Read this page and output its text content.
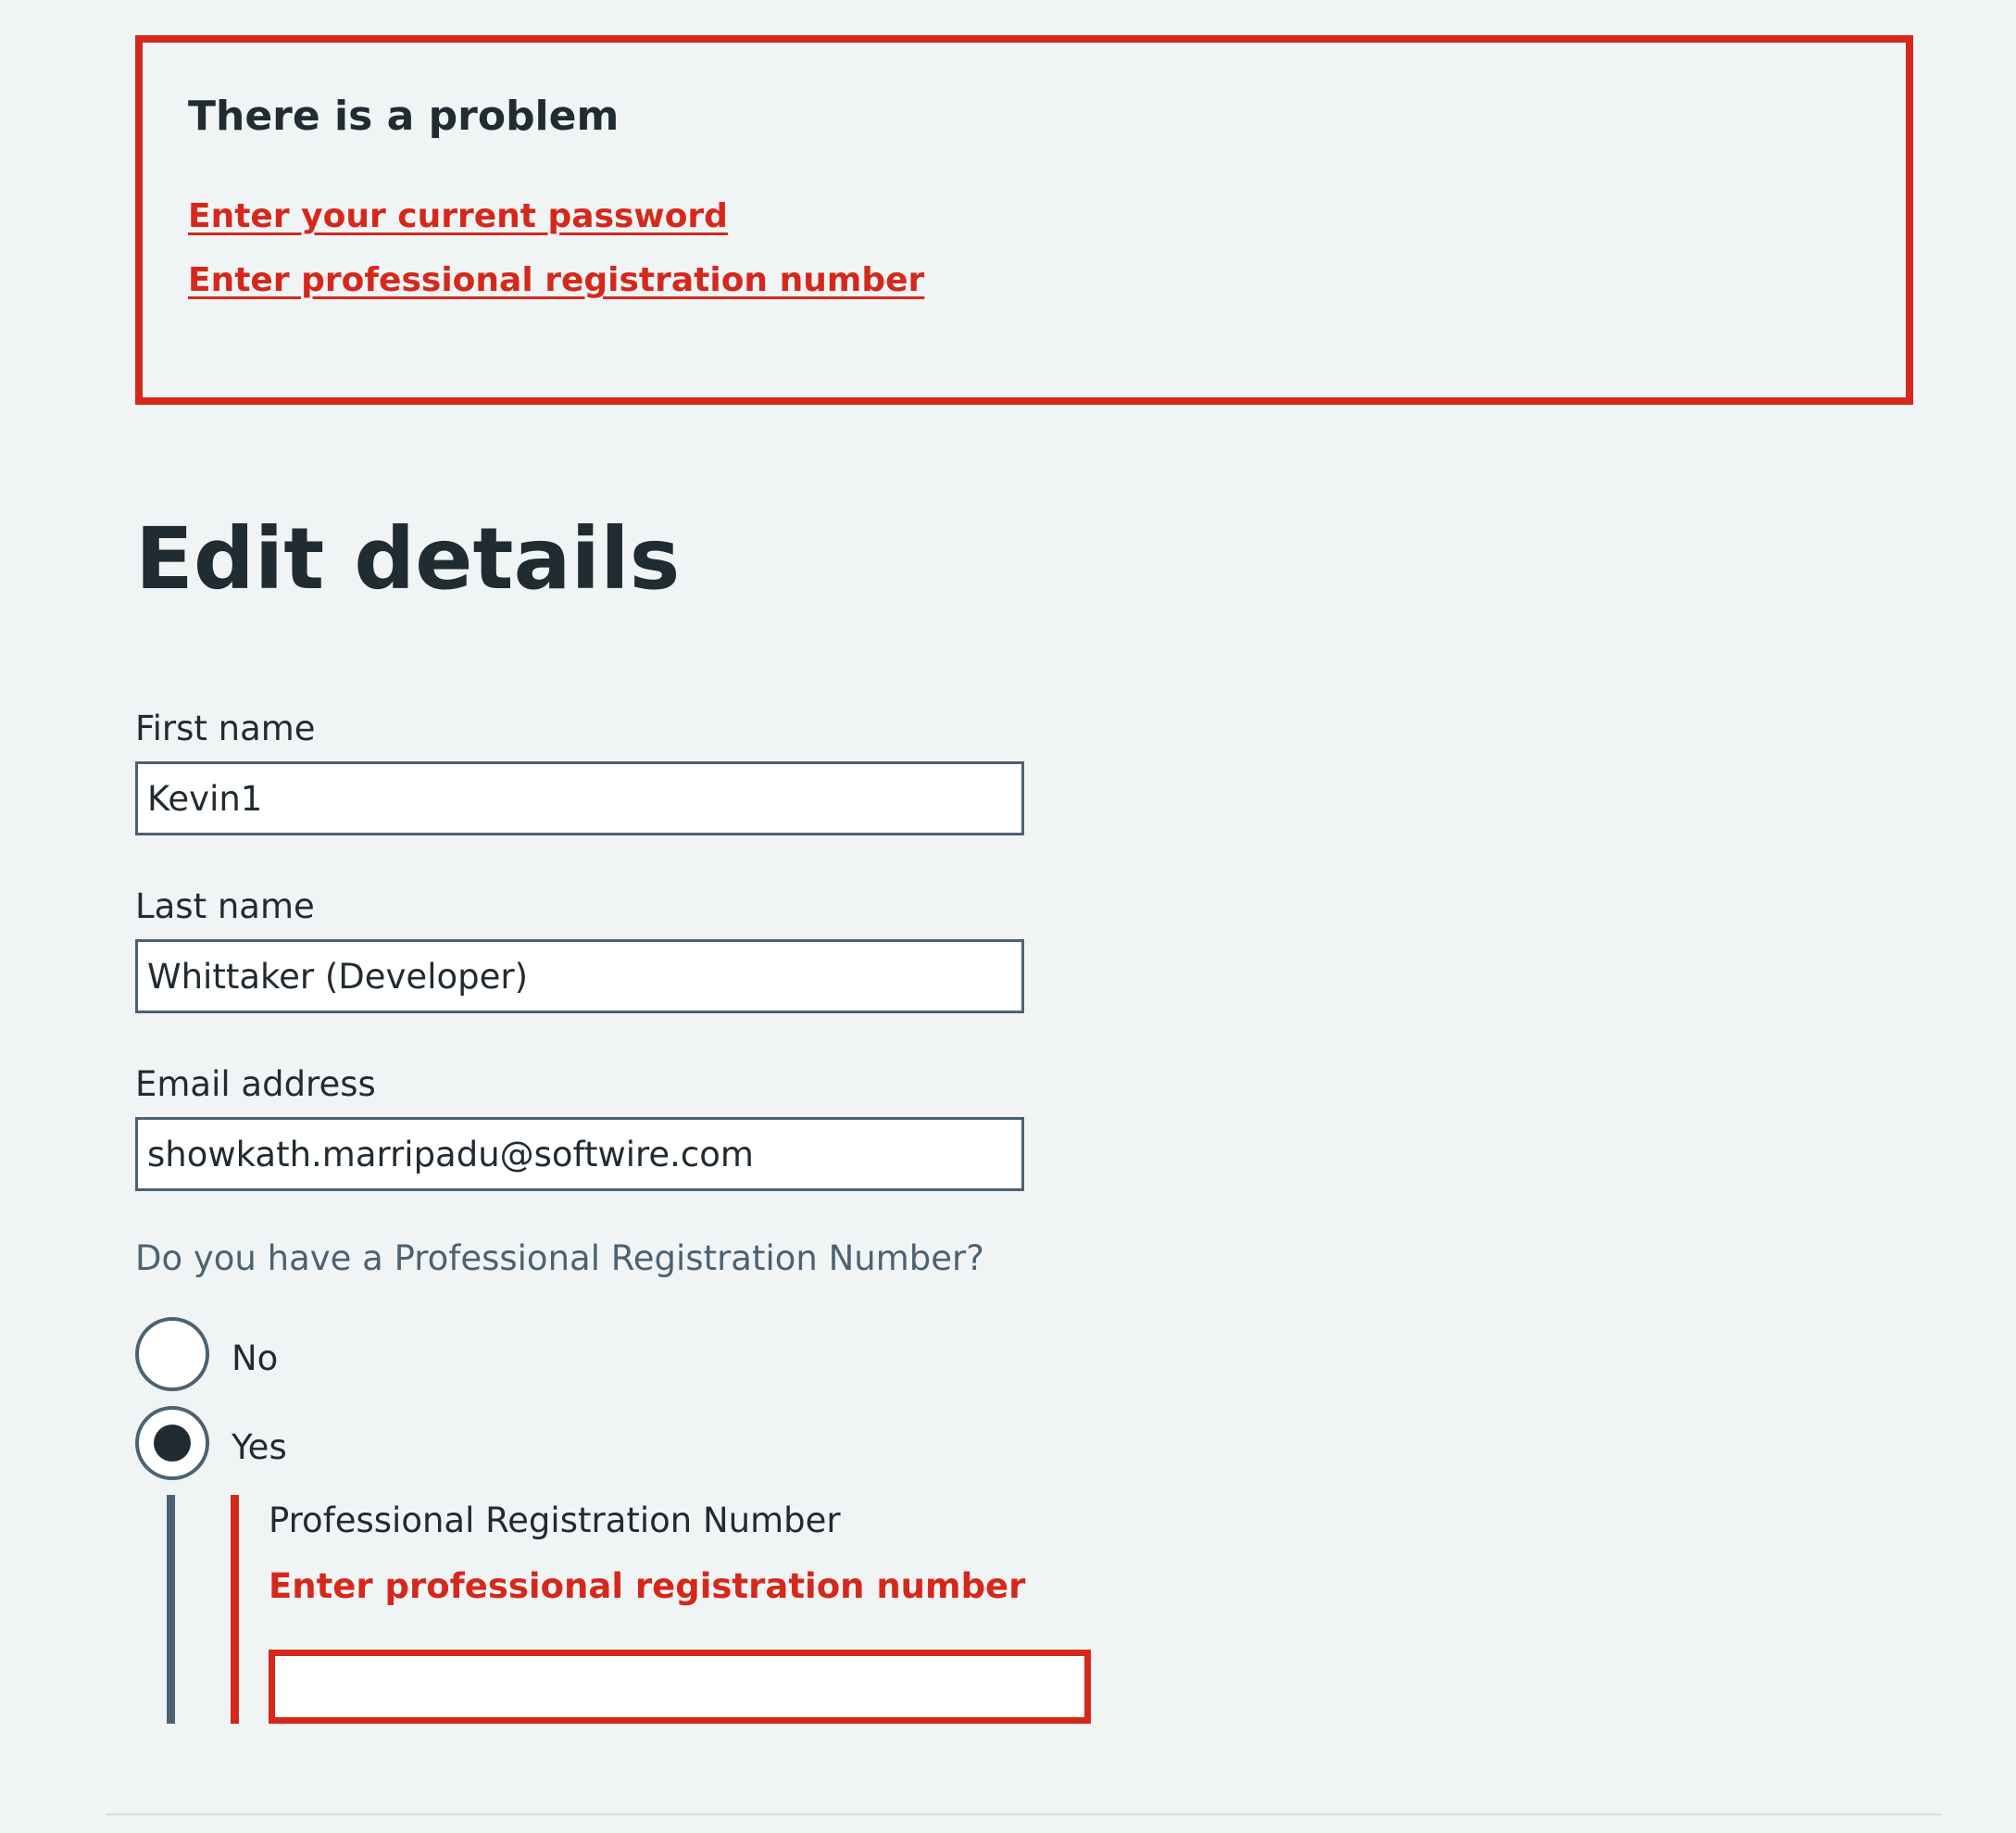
There is a problem
Enter your current password
Enter professional registration number
Edit details
First name
Kevin1
Last name
Whittaker (Developer)
Email address
showkath.marripadu@softwire.com
Do you have a Professional Registration Number?
No
Yes
Professional Registration Number
Enter professional registration number
